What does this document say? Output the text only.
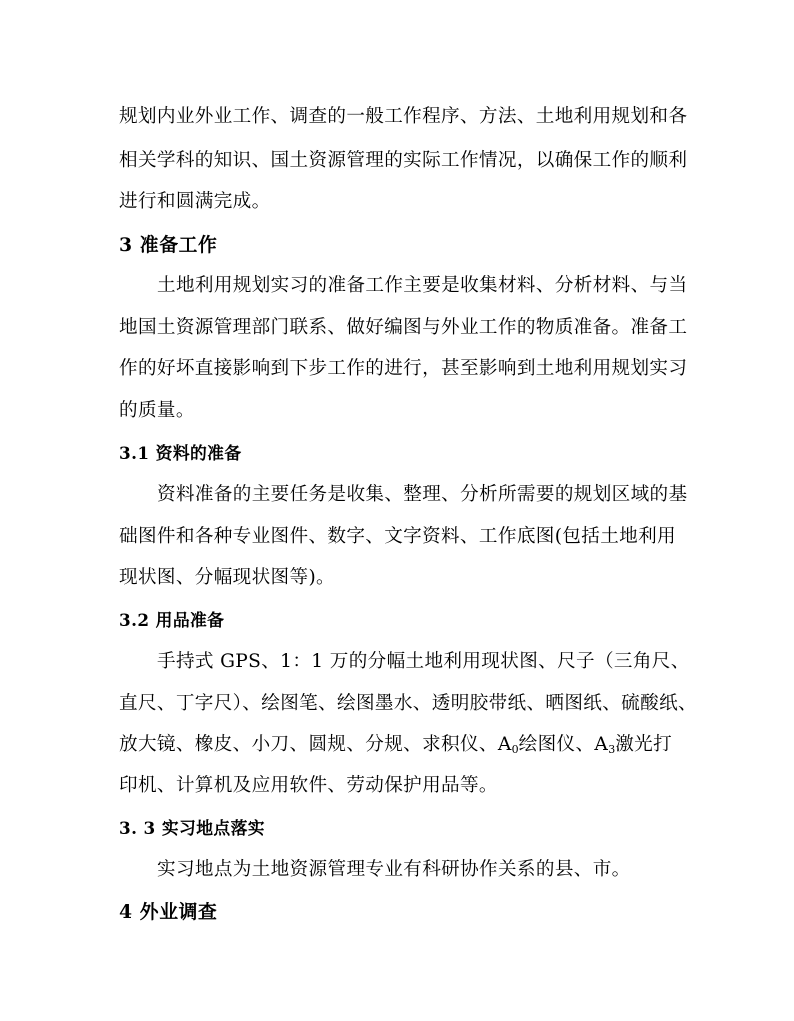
规划内业外业工作、调查的一般工作程序、方法、土地利用规划和各
相关学科的知识、国土资源管理的实际工作情况，以确保工作的顺利
进行和圆满完成。
3 准备工作
土地利用规划实习的准备工作主要是收集材料、分析材料、与当
地国土资源管理部门联系、做好编图与外业工作的物质准备。准备工
作的好坏直接影响到下步工作的进行，甚至影响到土地利用规划实习
的质量。
3.1 资料的准备
资料准备的主要任务是收集、整理、分析所需要的规划区域的基
础图件和各种专业图件、数字、文字资料、工作底图(包括土地利用
现状图、分幅现状图等)。
3.2 用品准备
手持式 GPS、1：1 万的分幅土地利用现状图、尺子（三角尺、
直尺、丁字尺）、绘图笔、绘图墨水、透明胶带纸、晒图纸、硫酸纸、
放大镜、橡皮、小刀、圆规、分规、求积仪、$A_0$绘图仪、$A_3$激光打
印机、计算机及应用软件、劳动保护用品等。
3. 3 实习地点落实
实习地点为土地资源管理专业有科研协作关系的县、市。
4 外业调查
